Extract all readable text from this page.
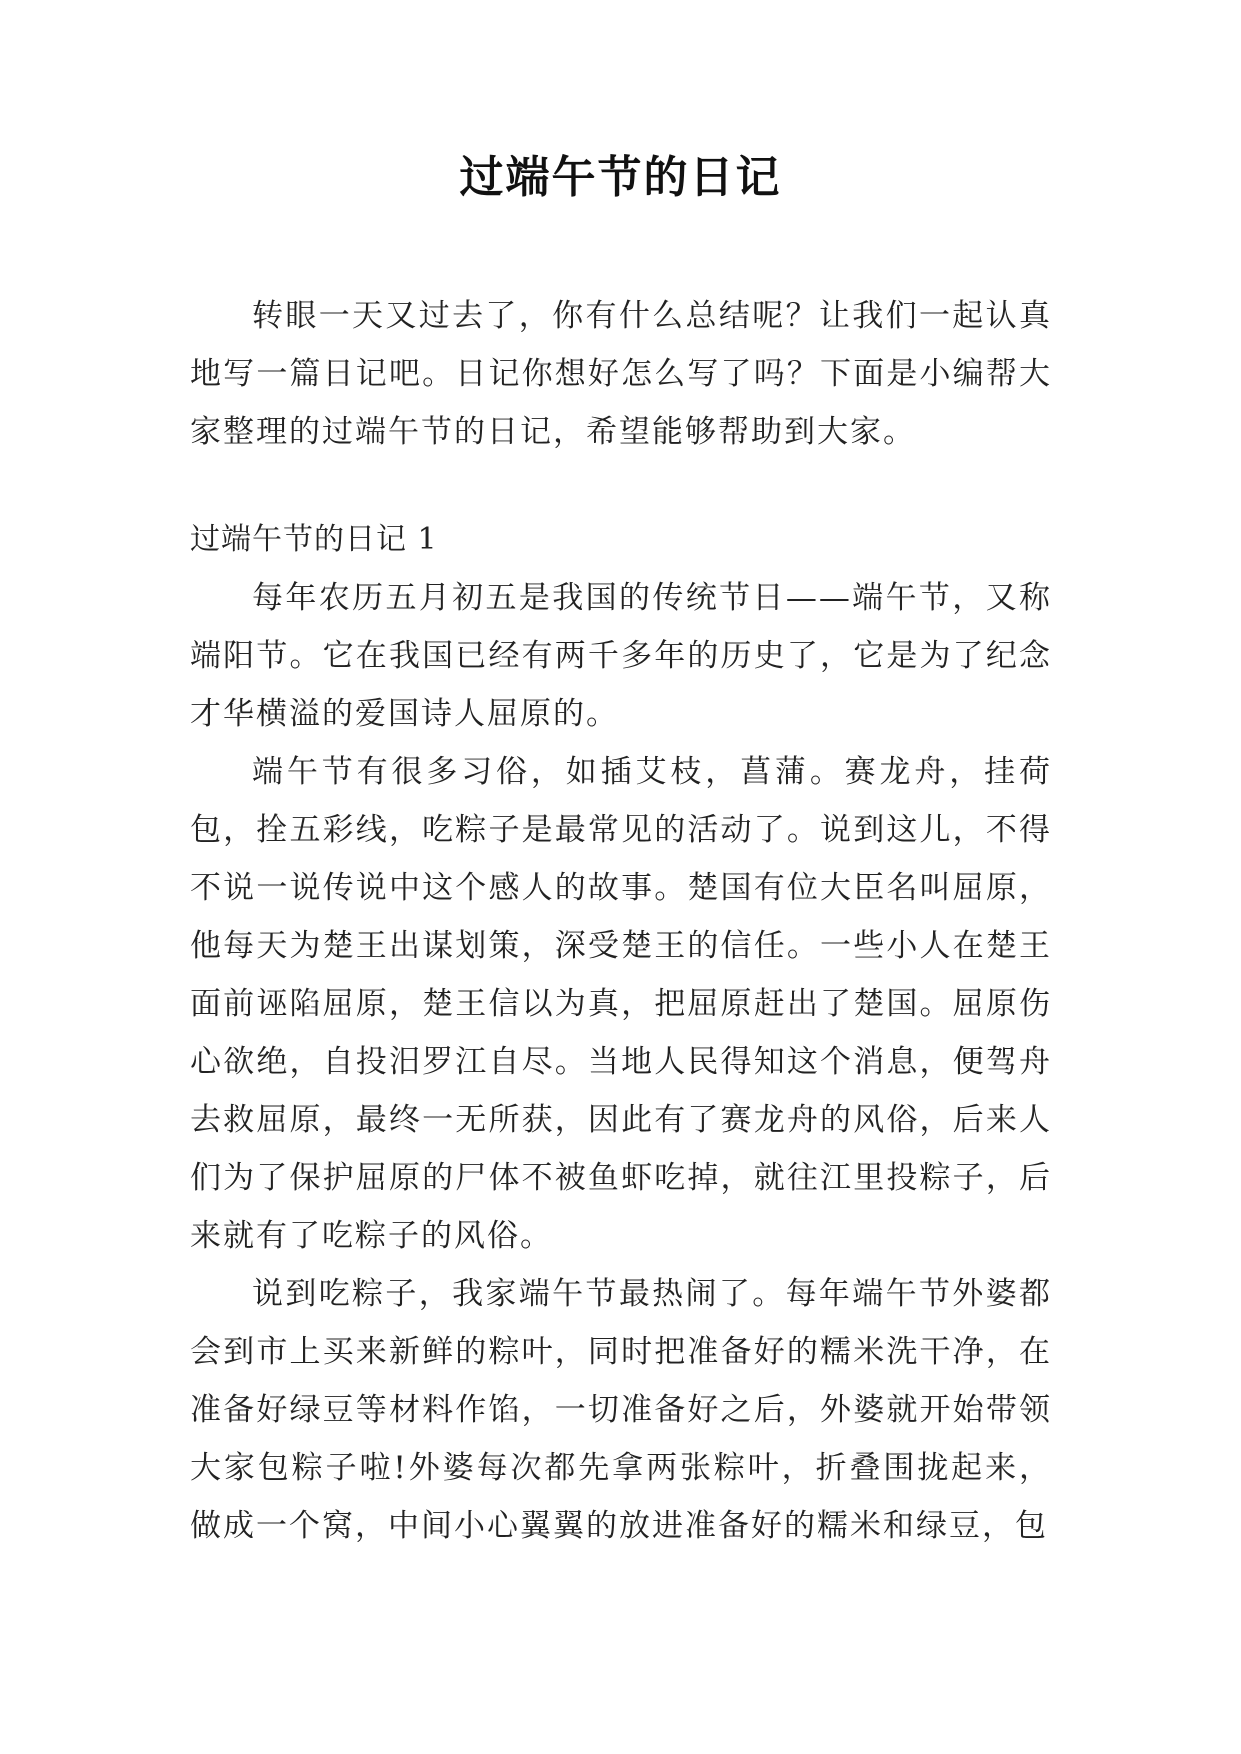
过端午节的日记

转眼一天又过去了，你有什么总结呢？让我们一起认真地写一篇日记吧。日记你想好怎么写了吗？下面是小编帮大家整理的过端午节的日记，希望能够帮助到大家。

过端午节的日记 1

每年农历五月初五是我国的传统节日——端午节，又称端阳节。它在我国已经有两千多年的历史了，它是为了纪念才华横溢的爱国诗人屈原的。

端午节有很多习俗，如插艾枝，菖蒲。赛龙舟，挂荷包，拴五彩线，吃粽子是最常见的活动了。说到这儿，不得不说一说传说中这个感人的故事。楚国有位大臣名叫屈原，他每天为楚王出谋划策，深受楚王的信任。一些小人在楚王面前诬陷屈原，楚王信以为真，把屈原赶出了楚国。屈原伤心欲绝，自投汨罗江自尽。当地人民得知这个消息，便驾舟去救屈原，最终一无所获，因此有了赛龙舟的风俗，后来人们为了保护屈原的尸体不被鱼虾吃掉，就往江里投粽子，后来就有了吃粽子的风俗。

说到吃粽子，我家端午节最热闹了。每年端午节外婆都会到市上买来新鲜的粽叶，同时把准备好的糯米洗干净，在准备好绿豆等材料作馅，一切准备好之后，外婆就开始带领大家包粽子啦!外婆每次都先拿两张粽叶，折叠围拢起来，做成一个窝，中间小心翼翼的放进准备好的糯米和绿豆，包
